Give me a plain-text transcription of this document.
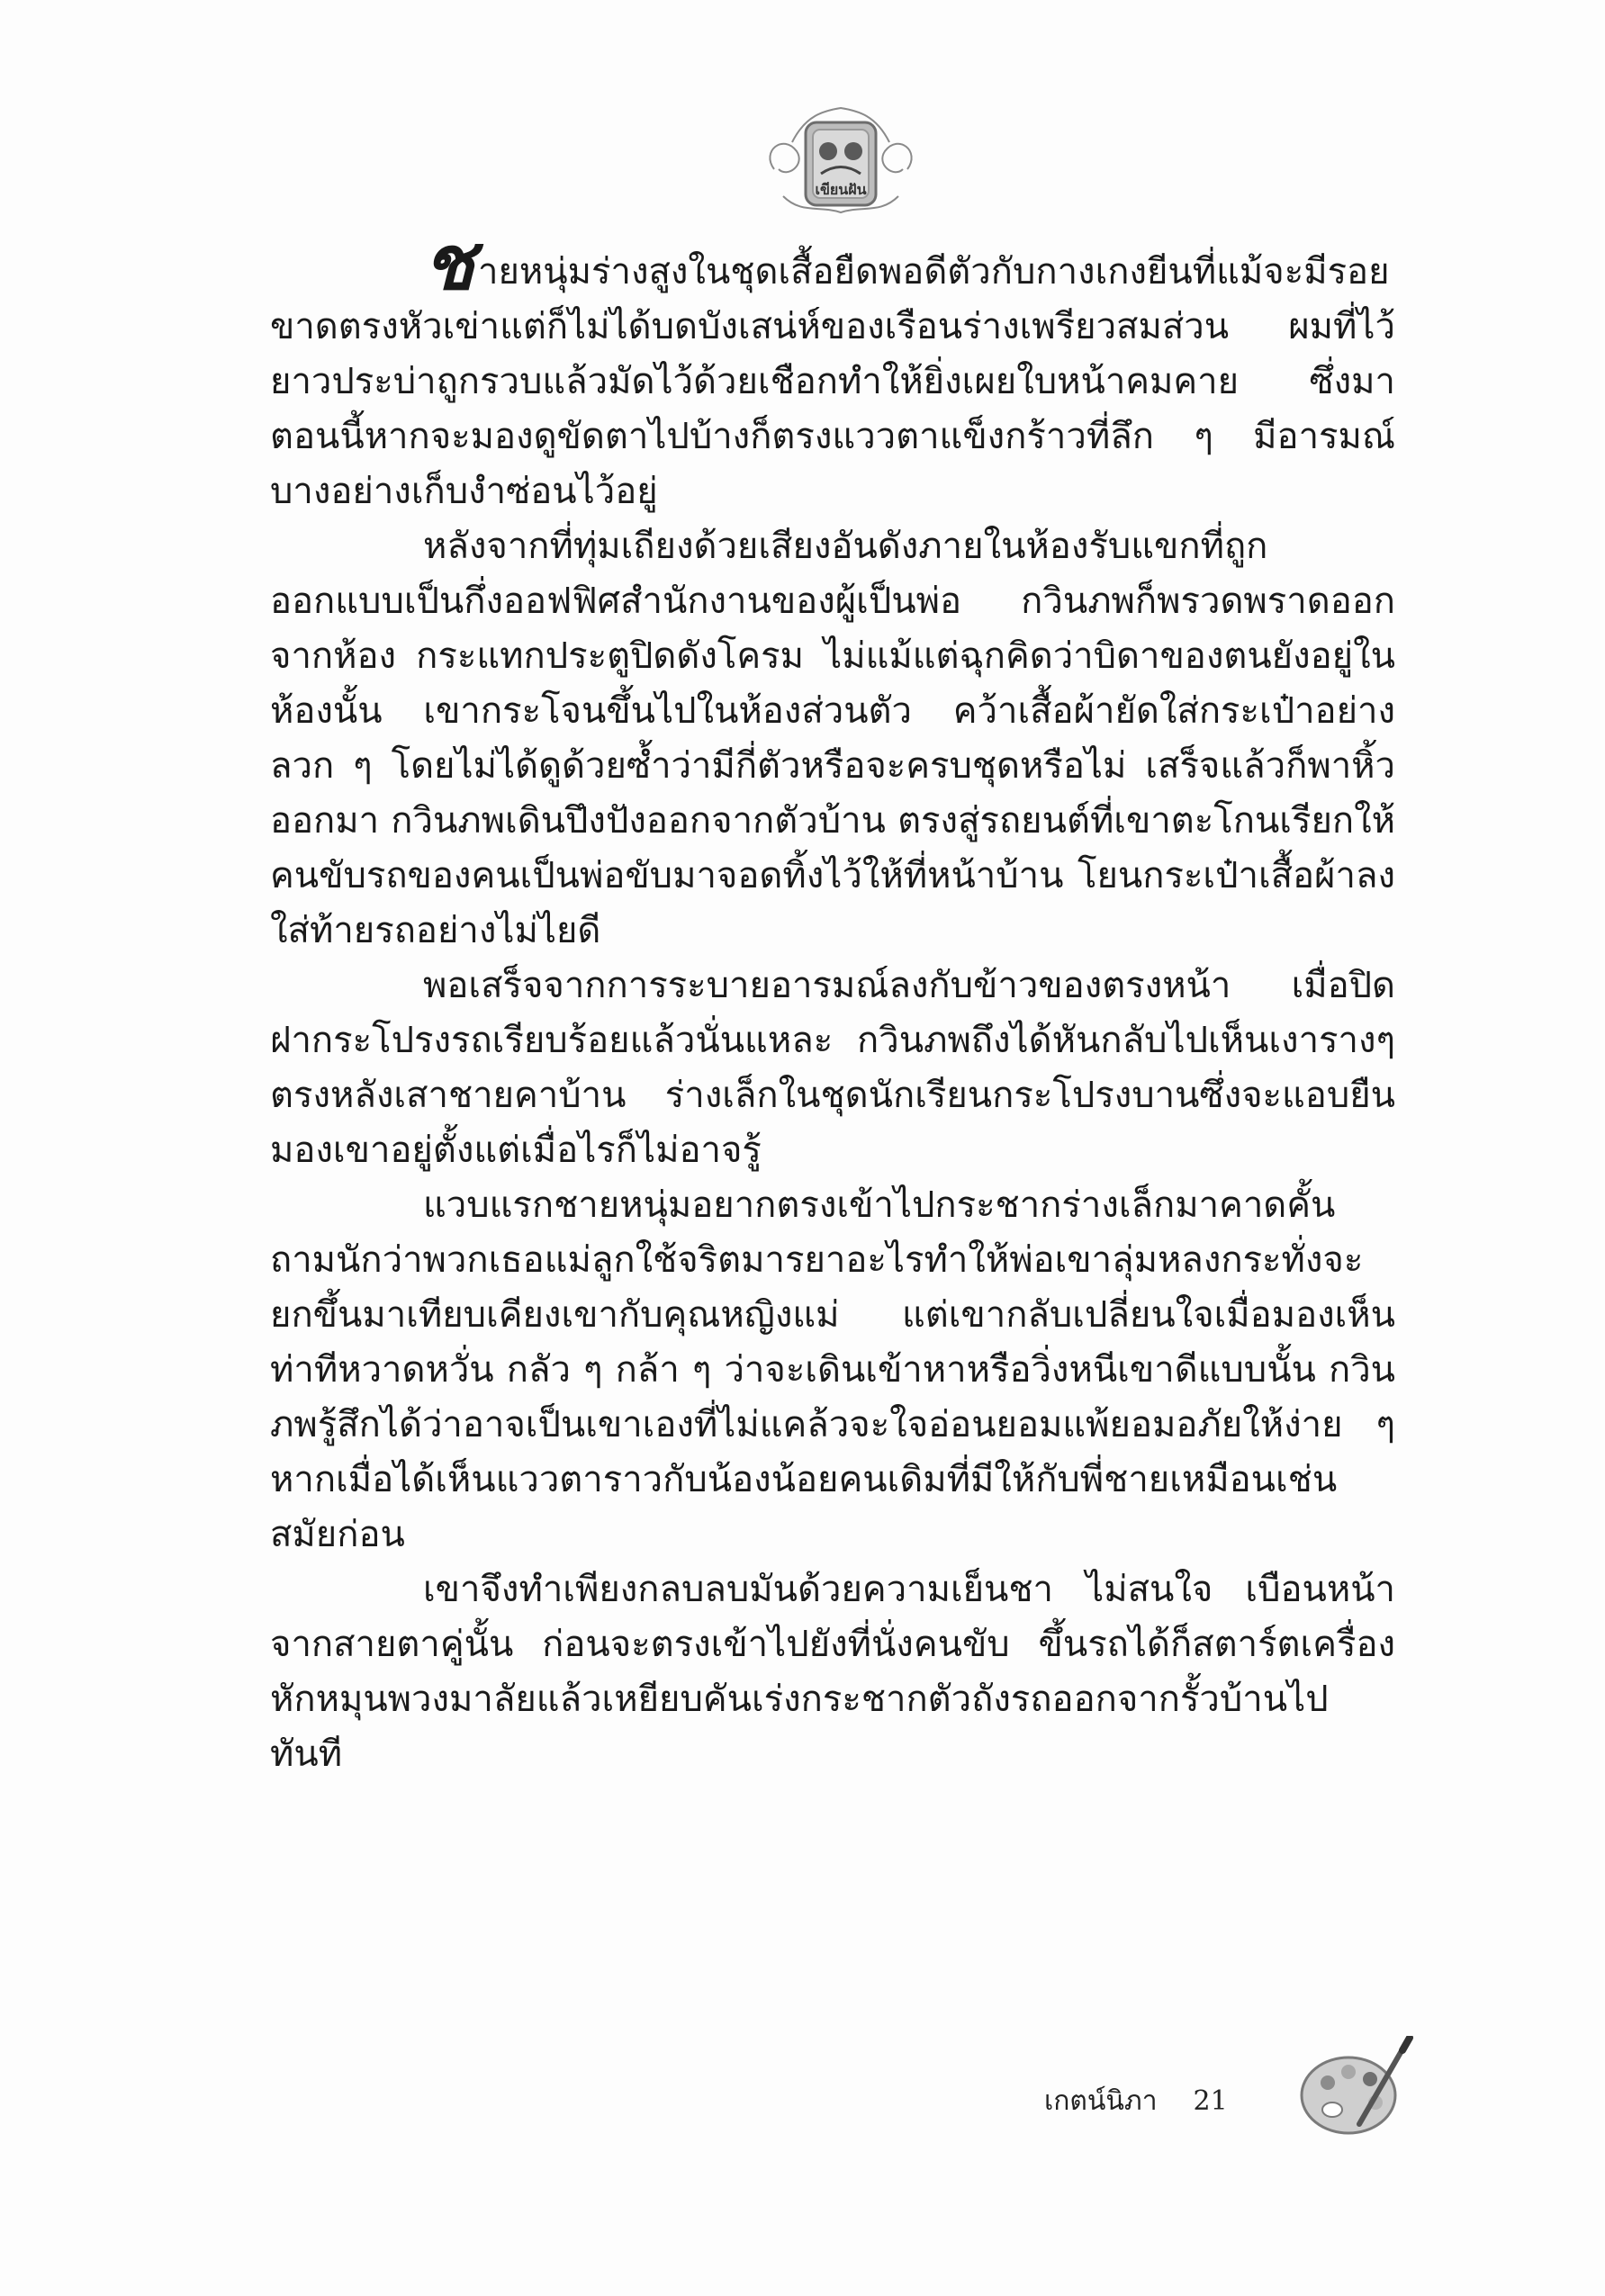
เขียนฝัน

ชายหนุ่มร่างสูงในชุดเสื้อยืดพอดีตัวกับกางเกงยีนที่แม้จะมีรอยขาดตรงหัวเข่าแต่ก็ไม่ได้บดบังเสน่ห์ของเรือนร่างเพรียวสมส่วน ผมที่ไว้ยาวประบ่าถูกรวบแล้วมัดไว้ด้วยเชือกทำให้ยิ่งเผยใบหน้าคมคาย ซึ่งมาตอนนี้หากจะมองดูขัดตาไปบ้างก็ตรงแววตาแข็งกร้าวที่ลึก ๆ มีอารมณ์บางอย่างเก็บงำซ่อนไว้อยู่

หลังจากที่ทุ่มเถียงด้วยเสียงอันดังภายในห้องรับแขกที่ถูกออกแบบเป็นกึ่งออฟฟิศสำนักงานของผู้เป็นพ่อ กวินภพก็พรวดพราดออกจากห้อง กระแทกประตูปิดดังโครม ไม่แม้แต่ฉุกคิดว่าบิดาของตนยังอยู่ในห้องนั้น เขากระโจนขึ้นไปในห้องส่วนตัว คว้าเสื้อผ้ายัดใส่กระเป๋าอย่างลวก ๆ โดยไม่ได้ดูด้วยซ้ำว่ามีกี่ตัวหรือจะครบชุดหรือไม่ เสร็จแล้วก็พาหิ้วออกมา กวินภพเดินปึงปังออกจากตัวบ้าน ตรงสู่รถยนต์ที่เขาตะโกนเรียกให้คนขับรถของคนเป็นพ่อขับมาจอดทิ้งไว้ให้ที่หน้าบ้าน โยนกระเป๋าเสื้อผ้าลงใส่ท้ายรถอย่างไม่ไยดี

พอเสร็จจากการระบายอารมณ์ลงกับข้าวของตรงหน้า เมื่อปิดฝากระโปรงรถเรียบร้อยแล้วนั่นแหละ กวินภพถึงได้หันกลับไปเห็นเงารางๆ ตรงหลังเสาชายคาบ้าน ร่างเล็กในชุดนักเรียนกระโปรงบานซึ่งจะแอบยืนมองเขาอยู่ตั้งแต่เมื่อไรก็ไม่อาจรู้

แวบแรกชายหนุ่มอยากตรงเข้าไปกระชากร่างเล็กมาคาดคั้นถามนักว่าพวกเธอแม่ลูกใช้จริตมารยาอะไรทำให้พ่อเขาลุ่มหลงกระทั่งจะยกขึ้นมาเทียบเคียงเขากับคุณหญิงแม่ แต่เขากลับเปลี่ยนใจเมื่อมองเห็นท่าทีหวาดหวั่น กลัว ๆ กล้า ๆ ว่าจะเดินเข้าหาหรือวิ่งหนีเขาดีแบบนั้น กวินภพรู้สึกได้ว่าอาจเป็นเขาเองที่ไม่แคล้วจะใจอ่อนยอมแพ้ยอมอภัยให้ง่าย ๆ หากเมื่อได้เห็นแววตาราวกับน้องน้อยคนเดิมที่มีให้กับพี่ชายเหมือนเช่นสมัยก่อน

เขาจึงทำเพียงกลบลบมันด้วยความเย็นชา ไม่สนใจ เบือนหน้าจากสายตาคู่นั้น ก่อนจะตรงเข้าไปยังที่นั่งคนขับ ขึ้นรถได้ก็สตาร์ตเครื่องหักหมุนพวงมาลัยแล้วเหยียบคันเร่งกระชากตัวถังรถออกจากรั้วบ้านไปทันที

เกตน์นิภา 21
